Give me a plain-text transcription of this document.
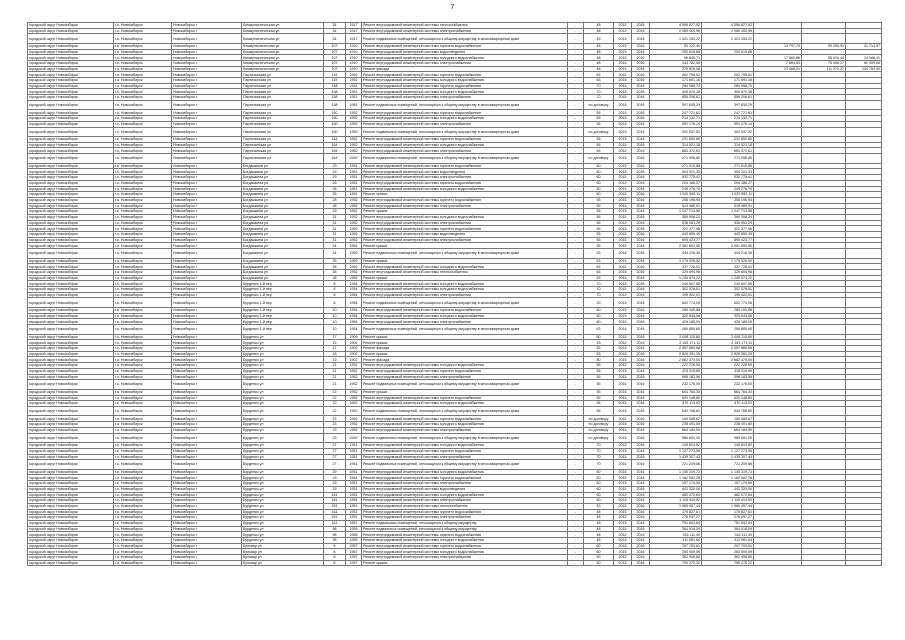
7
городской округ Новосибирск	г.о. Новосибирск	Новосибирск г	Коммунистическая ул	34	1917	Ремонт внутридомовой инженерной системы теплоснабжения	-	48	2015	2016	4 596 827,92	4 596 827,92			
городской округ Новосибирск	г.о. Новосибирск	Новосибирск г	Коммунистическая ул	34	1917	Ремонт внутридомовой инженерной системы электроснабжения	-	48	2015	2016	2 069 400,96	2 069 400,96			
городской округ Новосибирск	г.о. Новосибирск	Новосибирск г	Коммунистическая ул	34	1917	Ремонт подвальных помещений, относящихся к общему имуществу в многоквартирном доме	-	49	2015	2016	1 421 153,22	1 421 153,22			
городской округ Новосибирск	г.о. Новосибирск	Новосибирск г	Коммунистическая ул	107	1910	Ремонт внутридомовой инженерной системы горячего водоснабжения	-	48	2015	2016	93 122,46		13 797,79	59 299,90	21 714,97
городской округ Новосибирск	г.о. Новосибирск	Новосибирск г	Коммунистическая ул	107	1910	Ремонт внутридомовой инженерной системы водоотведения	-	48	2015	2016	200 619,88	200 619,88			
городской округ Новосибирск	г.о. Новосибирск	Новосибирск г	Коммунистическая ул	107	1910	Ремонт внутридомовой инженерной системы холодного водоснабжения	-	48	2015	2016	96 645,71		17 560,86	55 016,44	24 068,41
городской округ Новосибирск	г.о. Новосибирск	Новосибирск г	Коммунистическая ул	107	1910	Ремонт внутридомовой инженерной системы электроснабжения	-	48	2015	2016	143 782,06		7 864,83	75 008,17	60 909,06
городской округ Новосибирск	г.о. Новосибирск	Новосибирск г	Коммунистическая ул	107	1910	Ремонт фасада	-	48	2015	2016	279 519,08		23 465,21	111 270,37	144 783,50
городской округ Новосибирск	г.о. Новосибирск	Новосибирск г	Партизанская ул	119	1952	Ремонт внутридомовой инженерной системы горячего водоснабжения	-	63	2015	2016	202 795,51	202 795,51			
городской округ Новосибирск	г.о. Новосибирск	Новосибирск г	Партизанская ул	119	1952	Ремонт внутридомовой инженерной системы холодного водоснабжения	-	63	2015	2016	171 691,16	171 691,16			
городской округ Новосибирск	г.о. Новосибирск	Новосибирск г	Партизанская ул	158	1951	Ремонт внутридомовой инженерной системы горячего водоснабжения	-	70	2015	2016	284 958,70	284 958,70			
городской округ Новосибирск	г.о. Новосибирск	Новосибирск г	Партизанская ул	158	1951	Ремонт внутридомовой инженерной системы холодного водоснабжения	-	70	2015	2016	306 870,38	306 870,38			
городской округ Новосибирск	г.о. Новосибирск	Новосибирск г	Партизанская ул	158	1951	Ремонт внутридомовой инженерной системы электроснабжения	-	70	2015	2016	858 208,61	858 208,61			
городской округ Новосибирск	г.о. Новосибирск	Новосибирск г	Партизанская ул	158	1951	Ремонт подвальных помещений, относящихся к общему имуществу в многоквартирном доме	-	по договору	2015	2016	397 635,29	397 635,29			
городской округ Новосибирск	г.о. Новосибирск	Новосибирск г	Партизанская ул	160	1952	Ремонт внутридомовой инженерной системы горячего водоснабжения	-	55	2015	2016	247 721,61	247 721,61			
городской округ Новосибирск	г.о. Новосибирск	Новосибирск г	Партизанская ул	160	1952	Ремонт внутридомовой инженерной системы холодного водоснабжения	-	55	2015	2016	214 132,71	214 132,71			
городской округ Новосибирск	г.о. Новосибирск	Новосибирск г	Партизанская ул	160	1952	Ремонт внутридомовой инженерной системы электроснабжения	-	55	2015	2016	591 176,14	591 176,14			
городской округ Новосибирск	г.о. Новосибирск	Новосибирск г	Партизанская ул	160	1952	Ремонт подвальных помещений, относящихся к общему имуществу в многоквартирном доме	-	по договору	2015	2016	302 037,52	302 037,52			
городской округ Новосибирск	г.о. Новосибирск	Новосибирск г	Партизанская ул	164	1952	Ремонт внутридомовой инженерной системы горячего водоснабжения	-	55	2015	2016	231 650,80	231 650,80			
городской округ Новосибирск	г.о. Новосибирск	Новосибирск г	Партизанская ул	164	1952	Ремонт внутридомовой инженерной системы холодного водоснабжения	-	55	2015	2016	314 521,18	314 521,18			
городской округ Новосибирск	г.о. Новосибирск	Новосибирск г	Партизанская ул	164	1952	Ремонт внутридомовой инженерной системы электроснабжения	-	55	2015	2016	883 372,61	883 372,61			
городской округ Новосибирск	г.о. Новосибирск	Новосибирск г	Партизанская ул	164	1952	Ремонт подвальных помещений, относящихся к общему имуществу в многоквартирном доме	-	по договору	2015	2016	271 096,80	271 096,80			
городской округ Новосибирск	г.о. Новосибирск	Новосибирск г	Богдашкина ул	29	1951	Ремонт внутридомовой инженерной системы горячего водоснабжения	-	60	2015	2016	271 010,88	271 010,88			
городской округ Новосибирск	г.о. Новосибирск	Новосибирск г	Богдашкина ул	29	1951	Ремонт внутридомовой инженерной системы водоотведения	-	60	2015	2016	304 321,33	304 321,33			
городской округ Новосибирск	г.о. Новосибирск	Новосибирск г	Богдашкина ул	29	1951	Ремонт внутридомовой инженерной системы электроснабжения	-	60	2015	2016	532 775,41	532 775,41			
городской округ Новосибирск	г.о. Новосибирск	Новосибирск г	Богдашкина ул	26	1951	Ремонт внутридомовой инженерной системы горячего водоснабжения	-	60	2015	2016	204 186,27	204 186,27			
городской округ Новосибирск	г.о. Новосибирск	Новосибирск г	Богдашкина ул	26	1951	Ремонт внутридомовой инженерной системы холодного водоснабжения	-	60	2015	2016	249 276,70	249 276,70			
городской округ Новосибирск	г.о. Новосибирск	Новосибирск г	Богдашкина ул	26	1951	Ремонт крыши	-	60	2015	2016	1 020 952,11	1 020 952,11			
городской округ Новосибирск	г.о. Новосибирск	Новосибирск г	Богдашкина ул	28	1952	Ремонт внутридомовой инженерной системы горячего водоснабжения	-	55	2015	2016	256 196,94	256 196,94			
городской округ Новосибирск	г.о. Новосибирск	Новосибирск г	Богдашкина ул	28	1952	Ремонт внутридомовой инженерной системы электроснабжения	-	55	2015	2016	519 489,91	519 489,91			
городской округ Новосибирск	г.о. Новосибирск	Новосибирск г	Богдашкина ул	29	1952	Ремонт крыши	-	55	2015	2016	1 047 713,58	1 047 713,58			
городской округ Новосибирск	г.о. Новосибирск	Новосибирск г	Богдашкина ул	31	1952	Ремонт внутридомовой инженерной системы холодного водоснабжения	-	55	2015	2016	369 908,24	369 908,24			
городской округ Новосибирск	г.о. Новосибирск	Новосибирск г	Богдашкина ул	31	1952	Ремонт внутридомовой инженерной системы электроснабжения	-	55	2015	2016	536 953,29	536 953,29			
городской округ Новосибирск	г.о. Новосибирск	Новосибирск г	Богдашкина ул	31	1952	Ремонт внутридомовой инженерной системы горячего водоснабжения	-	55	2015	2016	322 377,96	322 377,96			
городской округ Новосибирск	г.о. Новосибирск	Новосибирск г	Богдашкина ул	31	1952	Ремонт внутридомовой инженерной системы водоотведения	-	55	2015	2016	445 659,49	445 659,49			
городской округ Новосибирск	г.о. Новосибирск	Новосибирск г	Богдашкина ул	31	1952	Ремонт внутридомовой инженерной системы электроснабжения	-	55	2015	2016	695 423,77	695 423,77			
городской округ Новосибирск	г.о. Новосибирск	Новосибирск г	Богдашкина ул	34	1952	Ремонт крыши	-	55	2015	2016	2 081 893,80	2 081 893,80			
городской округ Новосибирск	г.о. Новосибирск	Новосибирск г	Богдашкина ул	34	1952	Ремонт подвальных помещений, относящихся к общему имуществу в многоквартирном доме	-	53	2015	2016	444 218,36	444 218,36			
городской округ Новосибирск	г.о. Новосибирск	Новосибирск г	Богдашкина ул	35	1952	Ремонт крыши	-	63	2015	2016	1 179 326,52	1 179 326,52			
городской округ Новосибирск	г.о. Новосибирск	Новосибирск г	Богдашкина ул	38	1952	Ремонт внутридомовой инженерной системы холодного водоснабжения	-	63	2015	2016	337 726,01	337 726,01			
городской округ Новосибирск	г.о. Новосибирск	Новосибирск г	Богдашкина ул	38	1952	Ремонт внутридомовой инженерной системы теплоснабжения	-	63	2015	2016	329 694,95	329 694,95			
городской округ Новосибирск	г.о. Новосибирск	Новосибирск г	Богдашкина ул	38	1952	Ремонт крыши	-	63	2015	2016	1 245 574,22	1 245 574,22			
городской округ Новосибирск	г.о. Новосибирск	Новосибирск г	Бурденко 1-й пер	8	1954	Ремонт внутридомовой инженерной системы холодного водоснабжения	-	70	2015	2016	240 607,65	240 607,65			
городской округ Новосибирск	г.о. Новосибирск	Новосибирск г	Бурденко 1-й пер	8	1954	Ремонт внутридомовой инженерной системы холодного водоснабжения	-	70	2015	2016	302 576,51	302 576,51			
городской округ Новосибирск	г.о. Новосибирск	Новосибирск г	Бурденко 1-й пер	8	1954	Ремонт внутридомовой инженерной системы электроснабжения	-	70	2015	2016	195 922,01	195 922,01			
городской округ Новосибирск	г.о. Новосибирск	Новосибирск г	Бурденко 1-й пер	8	1954	Ремонт подвальных помещений, относящихся к общему имуществу в многоквартирном доме	-	29	2015	2016	602 774,06	602 774,06			
городской округ Новосибирск	г.о. Новосибирск	Новосибирск г	Бурденко 1-й пер	10	1954	Ремонт внутридомовой инженерной системы горячего водоснабжения	-	60	2015	2016	280 100,88	280 100,88			
городской округ Новосибирск	г.о. Новосибирск	Новосибирск г	Бурденко 1-й пер	10	1954	Ремонт внутридомовой инженерной системы холодного водоснабжения	-	60	2015	2016	320 643,06	320 643,06			
городской округ Новосибирск	г.о. Новосибирск	Новосибирск г	Бурденко 1-й пер	10	1954	Ремонт внутридомовой инженерной системы электроснабжения	-	60	2015	2016	429 185,09	429 185,09			
городской округ Новосибирск	г.о. Новосибирск	Новосибирск г	Бурденко 1-й пер	10	1954	Ремонт подвальных помещений, относящихся к общему имуществу в многоквартирном доме	-	63	2015	2016	280 880,60	280 880,60			
городской округ Новосибирск	г.о. Новосибирск	Новосибирск г	Бурденко ул	17	1909	Ремонт крыши	-	60	2015	2016	2 008 115,80	2 008 115,80			
городской округ Новосибирск	г.о. Новосибирск	Новосибирск г	Бурденко ул	15	1902	Ремонт крыши	-	53	2015	2016	2 153 171,11	2 153 171,11			
городской округ Новосибирск	г.о. Новосибирск	Новосибирск г	Бурденко ул	17	1902	Ремонт фасада	-	53	2015	2016	2 057 880,68	2 057 880,68			
городской округ Новосибирск	г.о. Новосибирск	Новосибирск г	Бурденко ул	18	1902	Ремонт крыши	-	53	2015	2016	2 826 351,25	2 826 351,25			
городской округ Новосибирск	г.о. Новосибирск	Новосибирск г	Бурденко ул	19	1902	Ремонт фасада	-	50	2015	2016	2 882 375,00	2 882 375,00			
городской округ Новосибирск	г.о. Новосибирск	Новосибирск г	Бурденко ул	21	1952	Ремонт внутридомовой инженерной системы холодного водоснабжения	-	55	2015	2016	222 226,50	222 226,50			
городской округ Новосибирск	г.о. Новосибирск	Новосибирск г	Бурденко ул	21	1952	Ремонт внутридомовой инженерной системы горячего водоснабжения	-	55	2015	2016	415 319,69	415 319,69			
городской округ Новосибирск	г.о. Новосибирск	Новосибирск г	Бурденко ул	21	1952	Ремонт внутридомовой инженерной системы электроснабжения	-	55	2015	2016	598 183,56	598 183,56			
городской округ Новосибирск	г.о. Новосибирск	Новосибирск г	Бурденко ул	21	1952	Ремонт подвальных помещений, относящихся к общему имуществу в многоквартирном доме	-	55	2015	2016	232 176,00	232 176,00			
городской округ Новосибирск	г.о. Новосибирск	Новосибирск г	Бурденко ул	22	1952	Ремонт крыши	-	55	2015	2016	664 764,30	664 764,30			
городской округ Новосибирск	г.о. Новосибирск	Новосибирск г	Бурденко ул	22	1952	Ремонт внутридомовой инженерной системы горячего водоснабжения	-	55	2015	2016	620 148,80	620 148,80			
городской округ Новосибирск	г.о. Новосибирск	Новосибирск г	Бурденко ул	22	1952	Ремонт внутридомовой инженерной системы холодного водоснабжения	-	55	2015	2016	570 113,02	570 113,02			
городской округ Новосибирск	г.о. Новосибирск	Новосибирск г	Бурденко ул	22	1952	Ремонт подвальных помещений, относящихся к общему имуществу в многоквартирном доме	-	55	2015	2016	640 768,80	640 768,80			
городской округ Новосибирск	г.о. Новосибирск	Новосибирск г	Бурденко ул	23	1952	Ремонт внутридомовой инженерной системы горячего водоснабжения	-	по договору	2015	2016	150 089,67	150 089,67			
городской округ Новосибирск	г.о. Новосибирск	Новосибирск г	Бурденко ул	23	1952	Ремонт внутридомовой инженерной системы холодного водоснабжения	-	по договору	2015	2016	238 491,80	238 491,80			
городской округ Новосибирск	г.о. Новосибирск	Новосибирск г	Бурденко ул	23	1952	Ремонт внутридомовой инженерной системы электроснабжения	-	по договору	2015	2016	664 184,50	664 184,50			
городской округ Новосибирск	г.о. Новосибирск	Новосибирск г	Бурденко ул	23	1952	Ремонт подвальных помещений, относящихся к общему имуществу в многоквартирном доме	-	по договору	2015	2016	585 691,00	585 691,00			
городской округ Новосибирск	г.о. Новосибирск	Новосибирск г	Бурденко ул	27	1951	Ремонт внутридомовой инженерной системы холодного водоснабжения	-	70	2015	2016	145 813,82	145 813,82			
городской округ Новосибирск	г.о. Новосибирск	Новосибирск г	Бурденко ул	27	1951	Ремонт внутридомовой инженерной системы горячего водоснабжения	-	70	2015	2016	1 127 273,56	1 127 273,56			
городской округ Новосибирск	г.о. Новосибирск	Новосибирск г	Бурденко ул	27	1951	Ремонт внутридомовой инженерной системы электроснабжения	-	70	2015	2016	1 439 307,43	1 439 307,43			
городской округ Новосибирск	г.о. Новосибирск	Новосибирск г	Бурденко ул	27	1951	Ремонт подвальных помещений, относящихся к общему имуществу в многоквартирном доме	-	70	2015	2016	721 209,86	721 209,86			
городской округ Новосибирск	г.о. Новосибирск	Новосибирск г	Бурденко ул	29	1951	Ремонт внутридомовой инженерной системы холодного водоснабжения	-	60	2015	2016	1 145 319,71	1 145 319,71			
городской округ Новосибирск	г.о. Новосибирск	Новосибирск г	Бурденко ул	29	1951	Ремонт внутридомовой инженерной системы горячего водоснабжения	-	60	2015	2016	1 162 082,28	1 162 082,28			
городской округ Новосибирск	г.о. Новосибирск	Новосибирск г	Бурденко ул	29	1951	Ремонт внутридомовой инженерной системы электроснабжения	-	60	2015	2016	197 174,59	197 174,59			
городской округ Новосибирск	г.о. Новосибирск	Новосибирск г	Бурденко ул	29	1951	Ремонт внутридомовой инженерной системы водоотведения	-	60	2015	2016	441 320,00	441 320,00			
городской округ Новосибирск	г.о. Новосибирск	Новосибирск г	Бурденко ул	161	1951	Ремонт внутридомовой инженерной системы холодного водоснабжения	-	60	2015	2016	462 072,84	462 072,84			
городской округ Новосибирск	г.о. Новосибирск	Новосибирск г	Бурденко ул	161	1951	Ремонт внутридомовой инженерной системы электроснабжения	-	60	2015	2016	1 115 413,52	1 115 413,52			
городской округ Новосибирск	г.о. Новосибирск	Новосибирск г	Бурденко ул	161	1951	Ремонт внутридомовой инженерной системы теплоснабжения	-	53	2015	2016	1 965 457,44	1 965 457,44			
городской округ Новосибирск	г.о. Новосибирск	Новосибирск г	Бурденко ул	161	1951	Ремонт внутридомовой инженерной системы горячего водоснабжения	-	48	2015	2016	176 827,61	176 827,61			
городской округ Новосибирск	г.о. Новосибирск	Новосибирск г	Бурденко ул	161	1951	Ремонт внутридомовой инженерной системы электроснабжения	-	48	2015	2016	276 097,27	276 097,27			
городской округ Новосибирск	г.о. Новосибирск	Новосибирск г	Бурденко ул	161	1951	Ремонт подвальных помещений, относящихся к общему имуществу	-	48	2015	2016	751 842,84	751 842,84			
городской округ Новосибирск	г.о. Новосибирск	Новосибирск г	Бурденко ул	98	1955	Ремонт подвальных помещений, относящихся к общему имуществу	-	48	2015	2016	364 918,09	364 918,09			
городской округ Новосибирск	г.о. Новосибирск	Новосибирск г	Бурденко ул	98	1955	Ремонт внутридомовой инженерной системы горячего водоснабжения	-	48	2015	2016	316 111,40	316 111,40			
городской округ Новосибирск	г.о. Новосибирск	Новосибирск г	Бурденко ул	98	1955	Ремонт внутридомовой инженерной системы холодного водоснабжения	-	48	2015	2016	311 081,64	311 081,64			
городской округ Новосибирск	г.о. Новосибирск	Новосибирск г	Бульвар ул	6	1957	Ремонт внутридомовой инженерной системы горячего водоснабжения	-	60	2015	2016	297 703,61	297 703,61			
городской округ Новосибирск	г.о. Новосибирск	Новосибирск г	Бульвар ул	6	1957	Ремонт внутридомовой инженерной системы холодного водоснабжения	-	60	2015	2016	283 909,59	283 909,59			
городской округ Новосибирск	г.о. Новосибирск	Новосибирск г	Бульвар ул	6	1957	Ремонт внутридомовой инженерной системы электроснабжения	-	60	2015	2016	362 906,80	362 906,80			
городской округ Новосибирск	г.о. Новосибирск	Новосибирск г	Бульвар ул	6	1957	Ремонт крыши	-	60	2015	2016	790 275,22	790 275,22			
